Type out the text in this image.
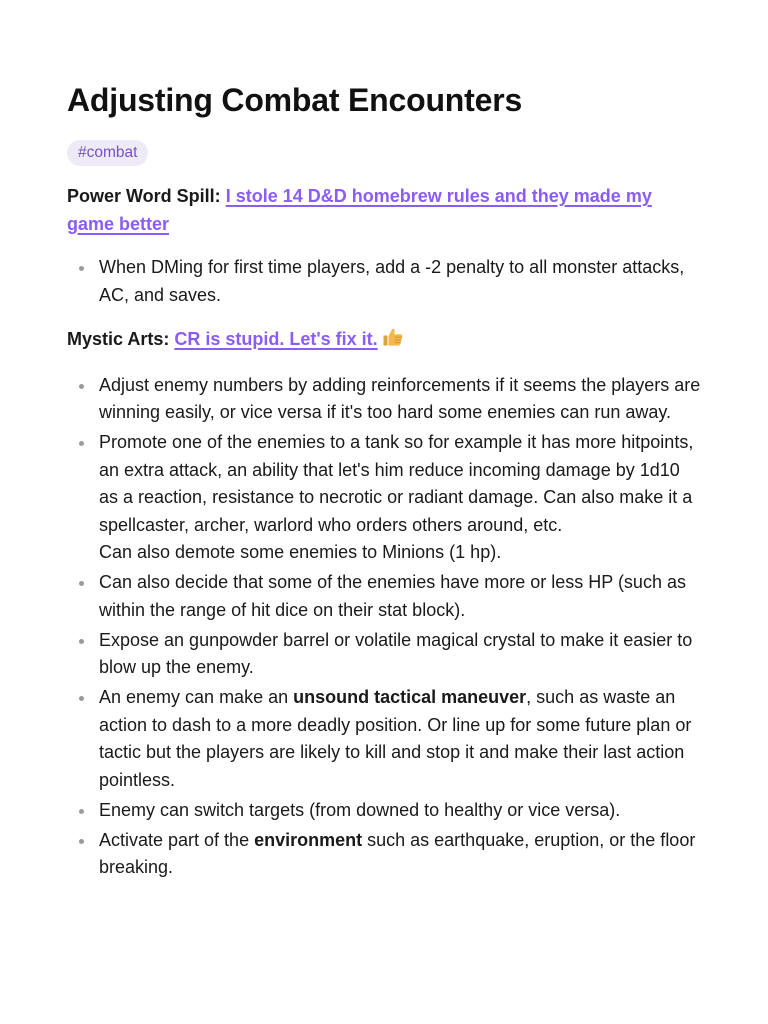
Adjusting Combat Encounters
#combat

Power Word Spill: I stole 14 D&D homebrew rules and they made my game better

When DMing for first time players, add a -2 penalty to all monster attacks, AC, and saves.

Mystic Arts: CR is stupid. Let's fix it.

Adjust enemy numbers by adding reinforcements if it seems the players are winning easily, or vice versa if it's too hard some enemies can run away.
Promote one of the enemies to a tank so for example it has more hitpoints, an extra attack, an ability that let's him reduce incoming damage by 1d10 as a reaction, resistance to necrotic or radiant damage. Can also make it a spellcaster, archer, warlord who orders others around, etc.
Can also demote some enemies to Minions (1 hp).
Can also decide that some of the enemies have more or less HP (such as within the range of hit dice on their stat block).
Expose an gunpowder barrel or volatile magical crystal to make it easier to blow up the enemy.
An enemy can make an unsound tactical maneuver, such as waste an action to dash to a more deadly position. Or line up for some future plan or tactic but the players are likely to kill and stop it and make their last action pointless.
Enemy can switch targets (from downed to healthy or vice versa).
Activate part of the environment such as earthquake, eruption, or the floor breaking.
